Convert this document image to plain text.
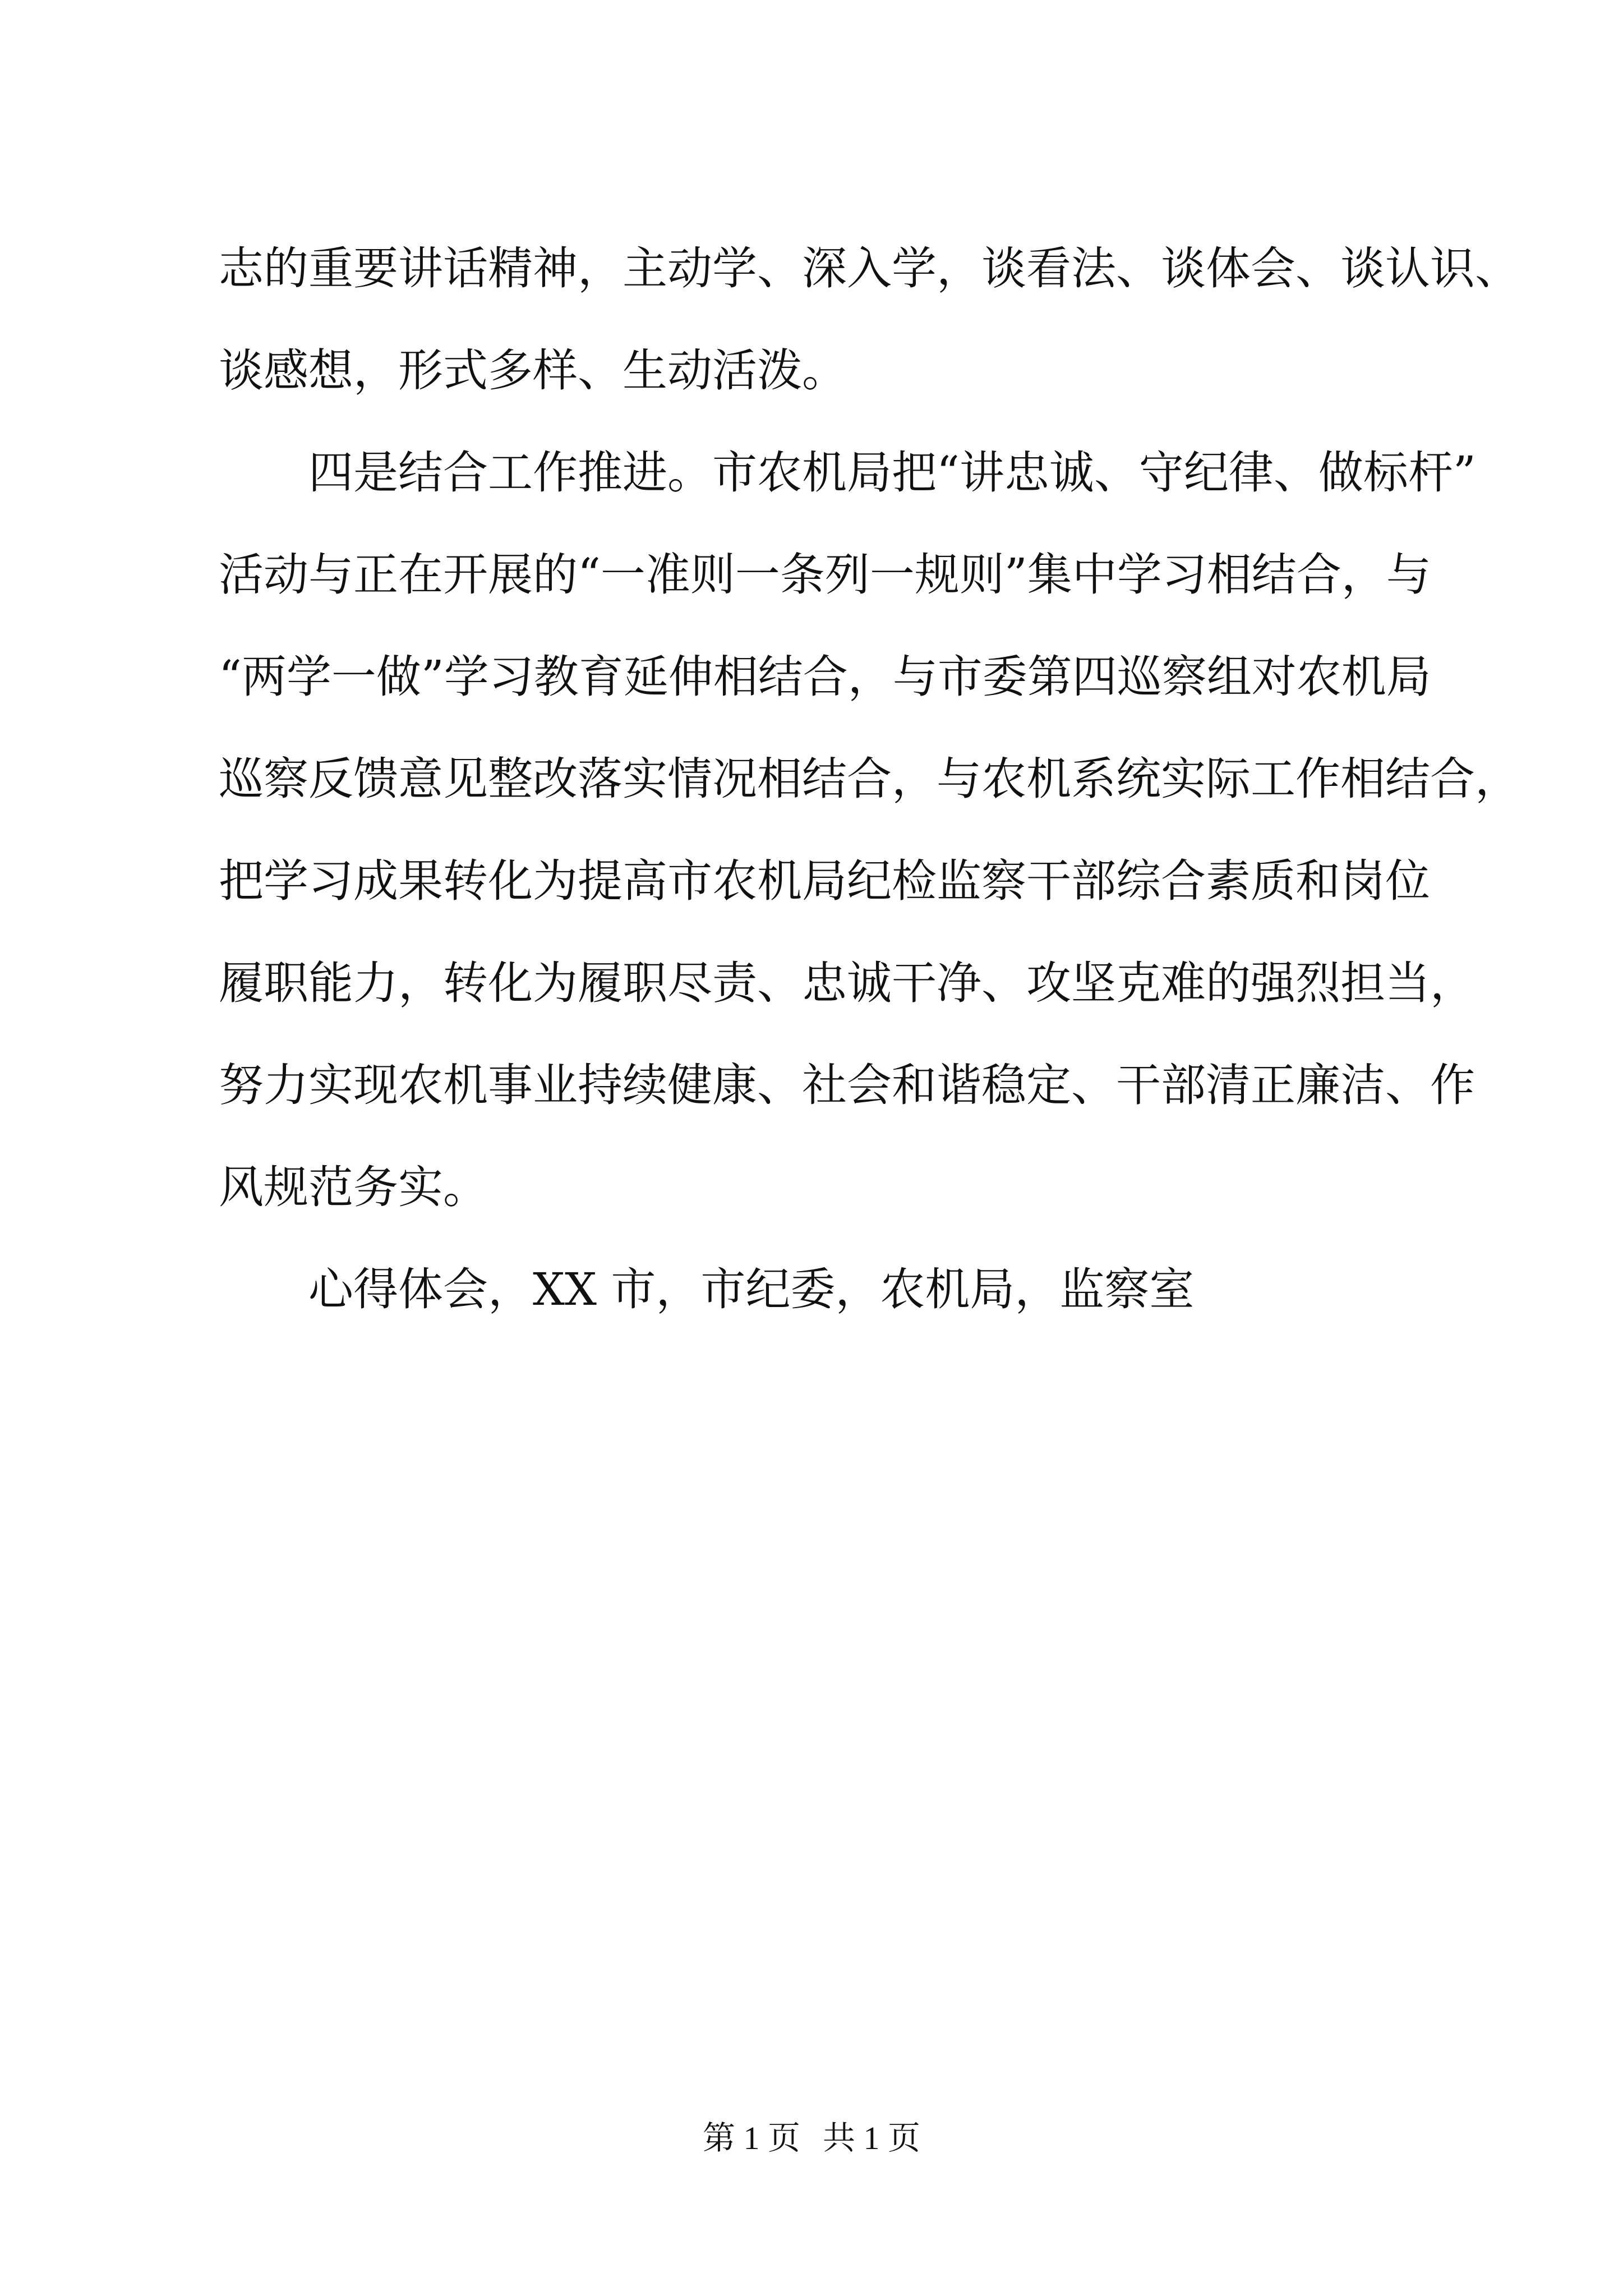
志的重要讲话精神，主动学、深入学，谈看法、谈体会、谈认识、
谈感想，形式多样、生动活泼。
四是结合工作推进。市农机局把“讲忠诚、守纪律、做标杆”
活动与正在开展的“一准则一条列一规则”集中学习相结合，与
“两学一做”学习教育延伸相结合，与市委第四巡察组对农机局
巡察反馈意见整改落实情况相结合，与农机系统实际工作相结合，
把学习成果转化为提高市农机局纪检监察干部综合素质和岗位
履职能力，转化为履职尽责、忠诚干净、攻坚克难的强烈担当，
努力实现农机事业持续健康、社会和谐稳定、干部清正廉洁、作
风规范务实。
心得体会，XX 市，市纪委，农机局，监察室
第 1 页 共 1 页
